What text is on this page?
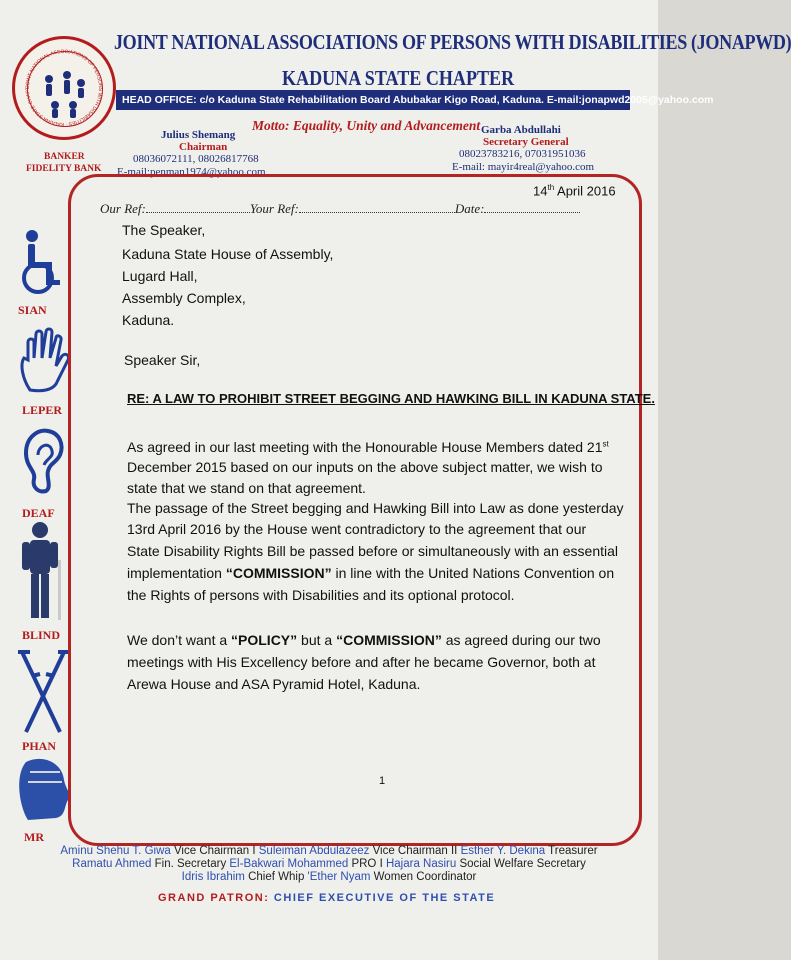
JOINT NATIONAL ASSOCIATIONS OF PERSONS WITH DISABILITIES · KADUNA STATE CHAPT
JOINT NATIONAL ASSOCIATIONS OF PERSONS WITH DISABILITIES (JONAPWD)
KADUNA STATE CHAPTER
HEAD OFFICE: c/o Kaduna State Rehabilitation Board Abubakar Kigo Road, Kaduna. E-mail:jonapwd2005@yahoo.com
Motto: Equality, Unity and Advancement
Julius Shemang
Chairman
08036072111, 08026817768
E-mail:penman1974@yahoo.com
Garba Abdullahi
Secretary General
08023783216, 07031951036
E-mail: mayir4real@yahoo.com
BANKER
FIDELITY BANK
SIAN
LEPER
DEAF
BLIND
PHAN
MR
14th April 2016
Our Ref:	Your Ref:	Date:
The Speaker,
Kaduna State House of Assembly,
Lugard Hall,
Assembly Complex,
Kaduna.
Speaker Sir,
RE: A LAW TO PROHIBIT STREET BEGGING AND HAWKING BILL IN KADUNA STATE.
As agreed in our last meeting with the Honourable House Members dated 21st
December 2015 based on our inputs on the above subject matter, we wish to
state that we stand on that agreement.
The passage of the Street begging and Hawking Bill into Law as done yesterday
13rd April 2016 by the House went contradictory to the agreement that our
State Disability Rights Bill be passed before or simultaneously with an essential
implementation “COMMISSION” in line with the United Nations Convention on
the Rights of persons with Disabilities and its optional protocol.
We don’t want a “POLICY” but a “COMMISSION” as agreed during our two
meetings with His Excellency before and after he became Governor, both at
Arewa House and ASA Pyramid Hotel, Kaduna.
1
Aminu Shehu T. Giwa Vice Chairman I Suleiman Abdulazeez Vice Chairman II Esther Y. Dekina Treasurer
Ramatu Ahmed Fin. Secretary El-Bakwari Mohammed PRO I Hajara Nasiru Social Welfare Secretary
Idris Ibrahim Chief Whip 'Ether Nyam Women Coordinator
GRAND PATRON: CHIEF EXECUTIVE OF THE STATE
